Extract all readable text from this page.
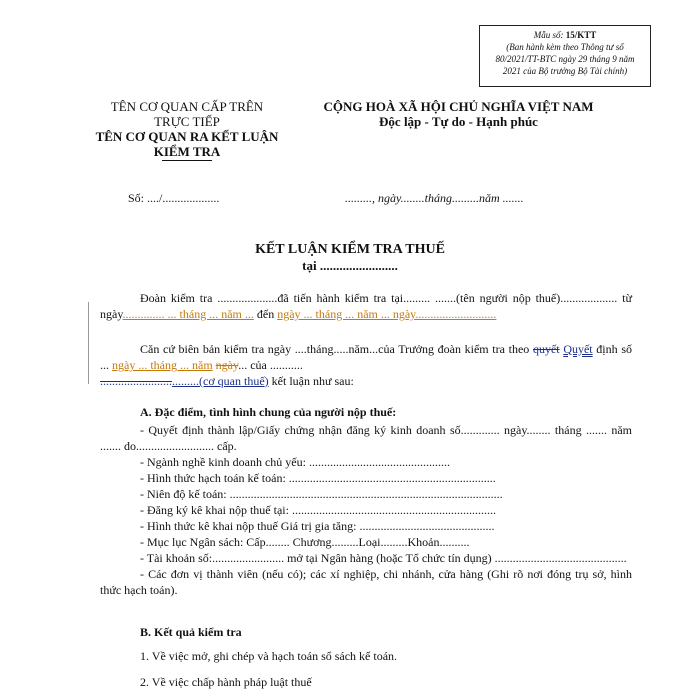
Mẫu số: 15/KTT
(Ban hành kèm theo Thông tư số 80/2021/TT-BTC ngày 29 tháng 9 năm 2021 của Bộ trưởng Bộ Tài chính)
TÊN CƠ QUAN CẤP TRÊN TRỰC TIẾP
TÊN CƠ QUAN RA KẾT LUẬN KIỂM TRA
CỘNG HOÀ XÃ HỘI CHỦ NGHĨA VIỆT NAM
Độc lập - Tự do - Hạnh phúc
Số: ..../...................	........., ngày........tháng.........năm .......
KẾT LUẬN KIỂM TRA THUẾ
tại ........................
Đoàn kiểm tra ....................đã tiến hành kiểm tra tại......... .......(tên người nộp thuế)................... từ ngày.............. ... tháng ... năm ... đến ngày ... tháng ... năm ... ngày...........................
Căn cứ biên bản kiểm tra ngày ....tháng.....năm...của Trưởng đoàn kiểm tra theo quyết Quyết định số ... ngày ... tháng ... năm ngày... của ...........
.................................(cơ quan thuế) kết luận như sau:
A. Đặc điểm, tình hình chung của người nộp thuế:
- Quyết định thành lập/Giấy chứng nhận đăng ký kinh doanh số............. ngày........ tháng ....... năm ....... do.......................... cấp.
- Ngành nghề kinh doanh chủ yếu: ...............................................
- Hình thức hạch toán kế toán: .....................................................................
- Niên độ kế toán: ...........................................................................................
- Đăng ký kê khai nộp thuế tại: ....................................................................
- Hình thức kê khai nộp thuế Giá trị gia tăng: .............................................
- Mục lục Ngân sách: Cấp........ Chương.........Loại.........Khoản..........
- Tài khoản số:........................ mở tại Ngân hàng (hoặc Tổ chức tín dụng) ............................................
- Các đơn vị thành viên (nếu có); các xí nghiệp, chi nhánh, cửa hàng (Ghi rõ nơi đóng trụ sở, hình thức hạch toán).
B. Kết quả kiểm tra
1. Về việc mở, ghi chép và hạch toán sổ sách kế toán.
2. Về việc chấp hành pháp luật thuế
